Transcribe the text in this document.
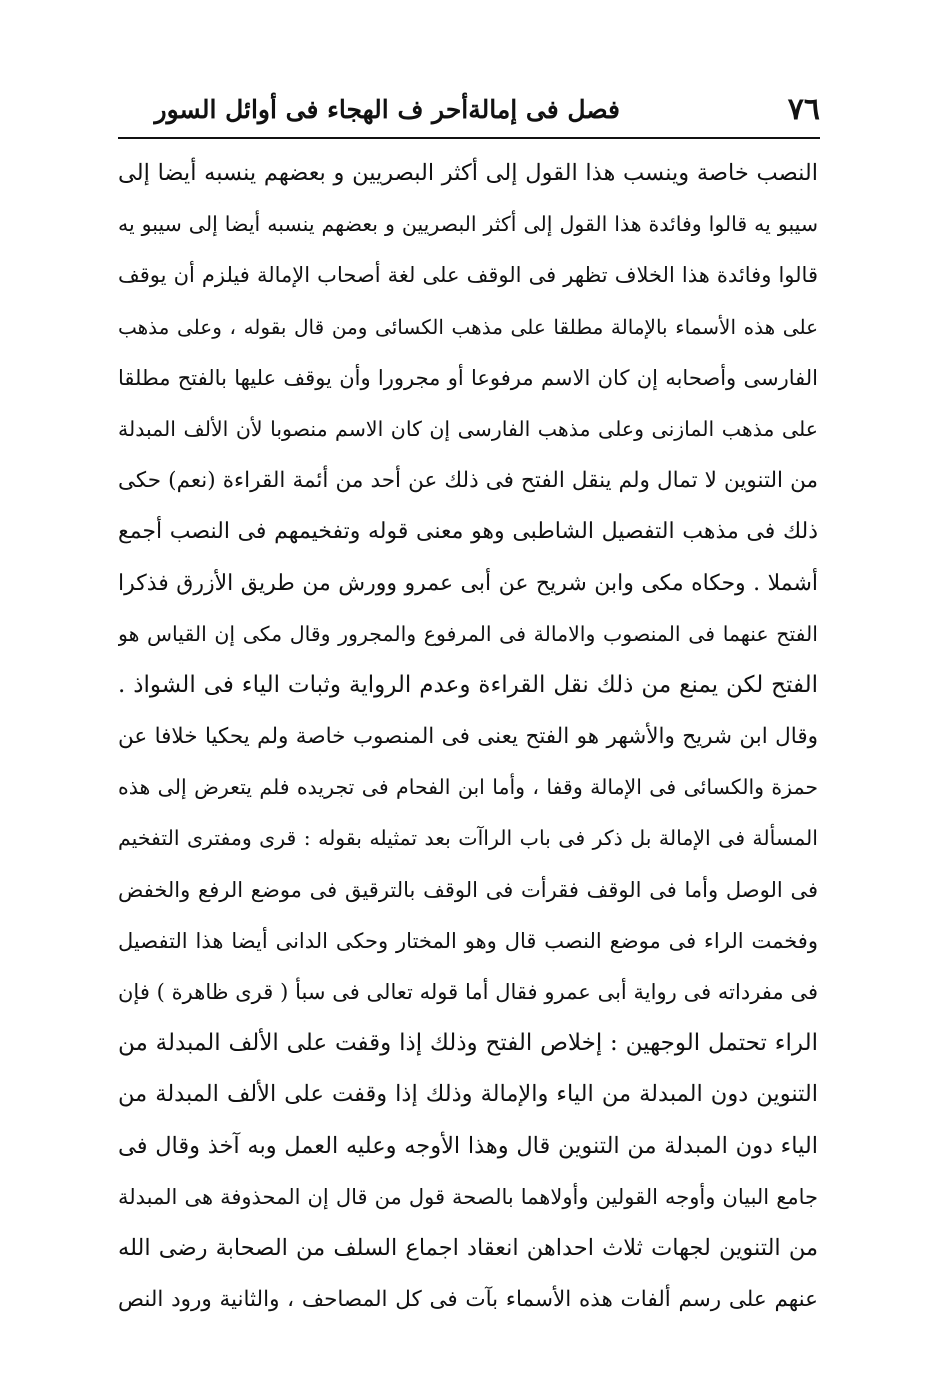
٧٦
فصل فى إمالةأحر ف الهجاء فى أوائل السور
النصب خاصة وينسب هذا القول إلى أكثر البصريين و بعضهم ينسبه أيضا إلى
سيبو يه قالوا وفائدة هذا القول إلى أكثر البصريين و بعضهم ينسبه أيضا إلى سيبو يه
قالوا وفائدة هذا الخلاف تظهر فى الوقف على لغة أصحاب الإمالة فيلزم أن يوقف
على هذه الأسماء بالإمالة مطلقا على مذهب الكسائى ومن قال بقوله ، وعلى مذهب
الفارسى وأصحابه إن كان الاسم مرفوعا أو مجرورا وأن يوقف عليها بالفتح مطلقا
على مذهب المازنى وعلى مذهب الفارسى إن كان الاسم منصوبا لأن الألف المبدلة
من التنوين لا تمال ولم ينقل الفتح فى ذلك عن أحد من أئمة القراءة (نعم) حكى
ذلك فى مذهب التفصيل الشاطبى وهو معنى قوله وتفخيمهم فى النصب أجمع
أشملا . وحكاه مكى وابن شريح عن أبى عمرو وورش من طريق الأزرق فذكرا
الفتح عنهما فى المنصوب والامالة فى المرفوع والمجرور وقال مكى إن القياس هو
الفتح لكن يمنع من ذلك نقل القراءة وعدم الرواية وثبات الياء فى الشواذ .
وقال ابن شريح والأشهر هو الفتح يعنى فى المنصوب خاصة ولم يحكيا خلافا عن
حمزة والكسائى فى الإمالة وقفا ، وأما ابن الفحام فى تجريده فلم يتعرض إلى هذه
المسألة فى الإمالة بل ذكر فى باب الراآت بعد تمثيله بقوله : قرى ومفترى التفخيم
فى الوصل وأما فى الوقف فقرأت فى الوقف بالترقيق فى موضع الرفع والخفض
وفخمت الراء فى موضع النصب قال وهو المختار وحكى الدانى أيضا هذا التفصيل
فى مفرداته فى رواية أبى عمرو فقال أما قوله تعالى فى سبأ ( قرى ظاهرة ) فإن
الراء تحتمل الوجهين : إخلاص الفتح وذلك إذا وقفت على الألف المبدلة من
التنوين دون المبدلة من الياء والإمالة وذلك إذا وقفت على الألف المبدلة من
الياء دون المبدلة من التنوين قال وهذا الأوجه وعليه العمل وبه آخذ وقال فى
جامع البيان وأوجه القولين وأولاهما بالصحة قول من قال إن المحذوفة هى المبدلة
من التنوين لجهات ثلاث احداهن انعقاد اجماع السلف من الصحابة رضى الله
عنهم على رسم ألفات هذه الأسماء بآت فى كل المصاحف ، والثانية ورود النص
